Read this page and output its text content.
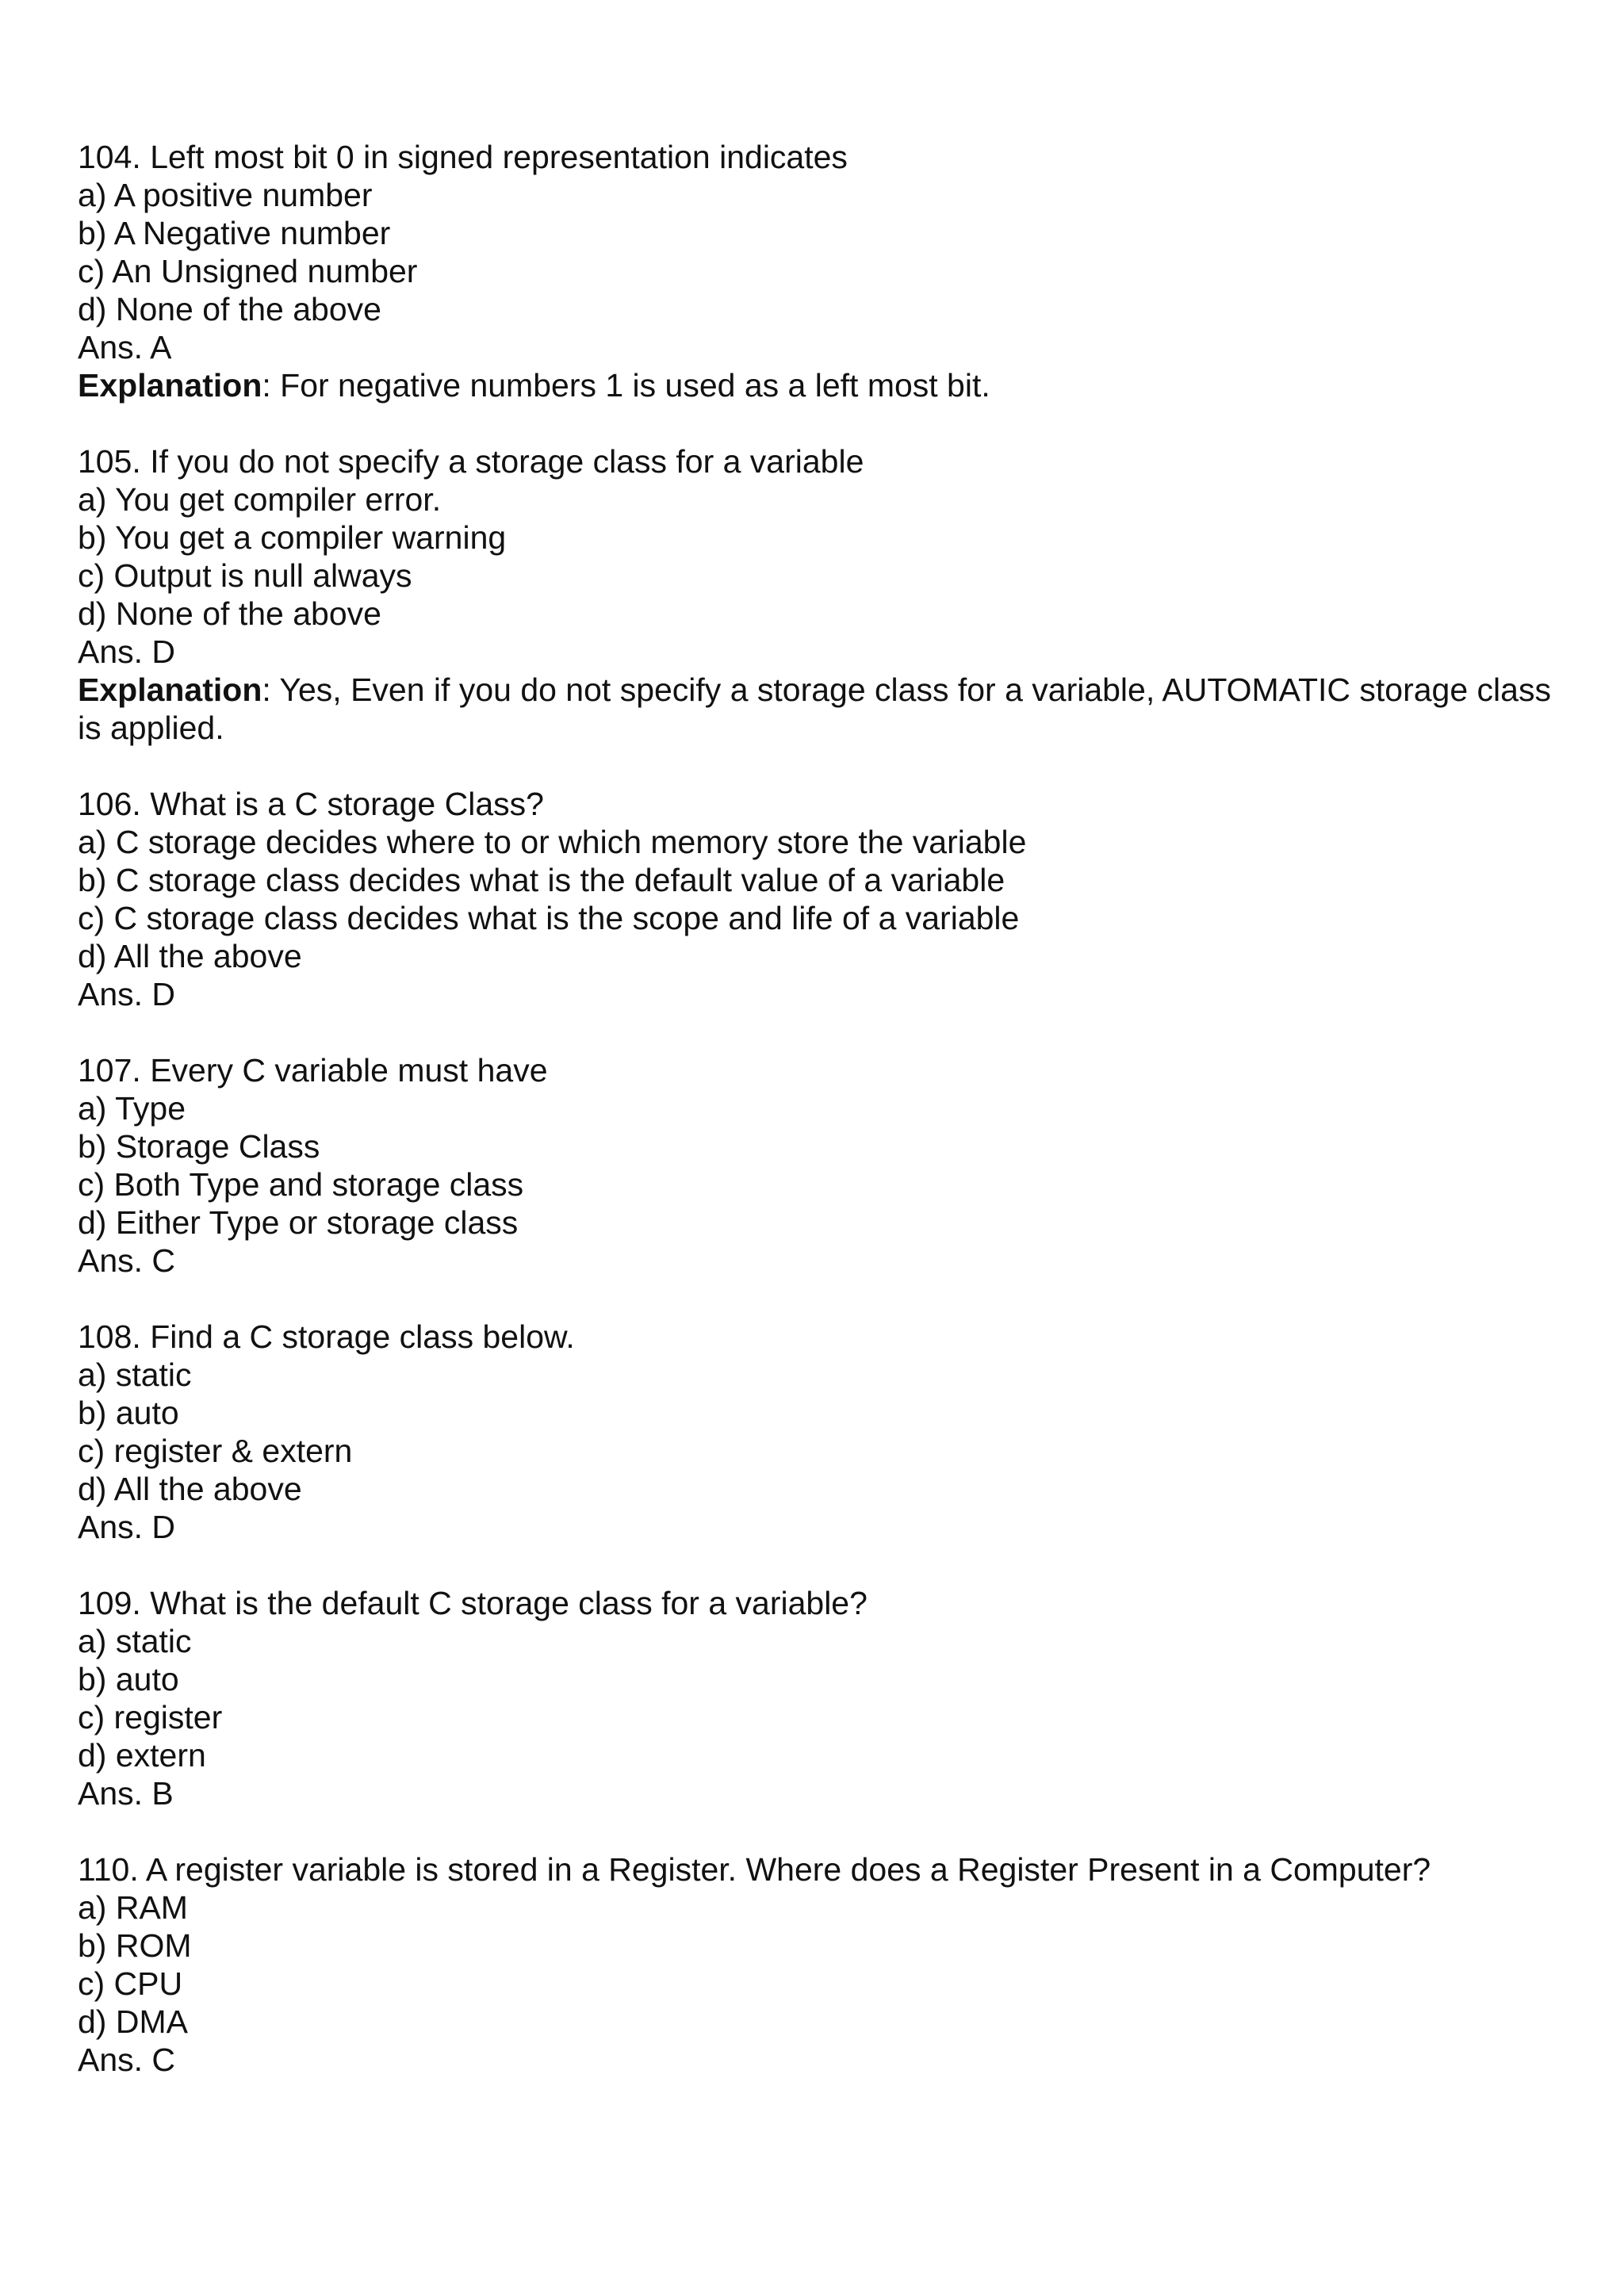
104. Left most bit 0 in signed representation indicates
a) A positive number
b) A Negative number
c) An Unsigned number
d) None of the above
Ans. A
Explanation: For negative numbers 1 is used as a left most bit.
105. If you do not specify a storage class for a variable
a) You get compiler error.
b) You get a compiler warning
c) Output is null always
d) None of the above
Ans. D
Explanation: Yes, Even if you do not specify a storage class for a variable, AUTOMATIC storage class is applied.
106. What is a C storage Class?
a) C storage decides where to or which memory store the variable
b) C storage class decides what is the default value of a variable
c) C storage class decides what is the scope and life of a variable
d) All the above
Ans. D
107. Every C variable must have
a) Type
b) Storage Class
c) Both Type and storage class
d) Either Type or storage class
Ans. C
108. Find a C storage class below.
a) static
b) auto
c) register & extern
d) All the above
Ans. D
109. What is the default C storage class for a variable?
a) static
b) auto
c) register
d) extern
Ans. B
110. A register variable is stored in a Register. Where does a Register Present in a Computer?
a) RAM
b) ROM
c) CPU
d) DMA
Ans. C
